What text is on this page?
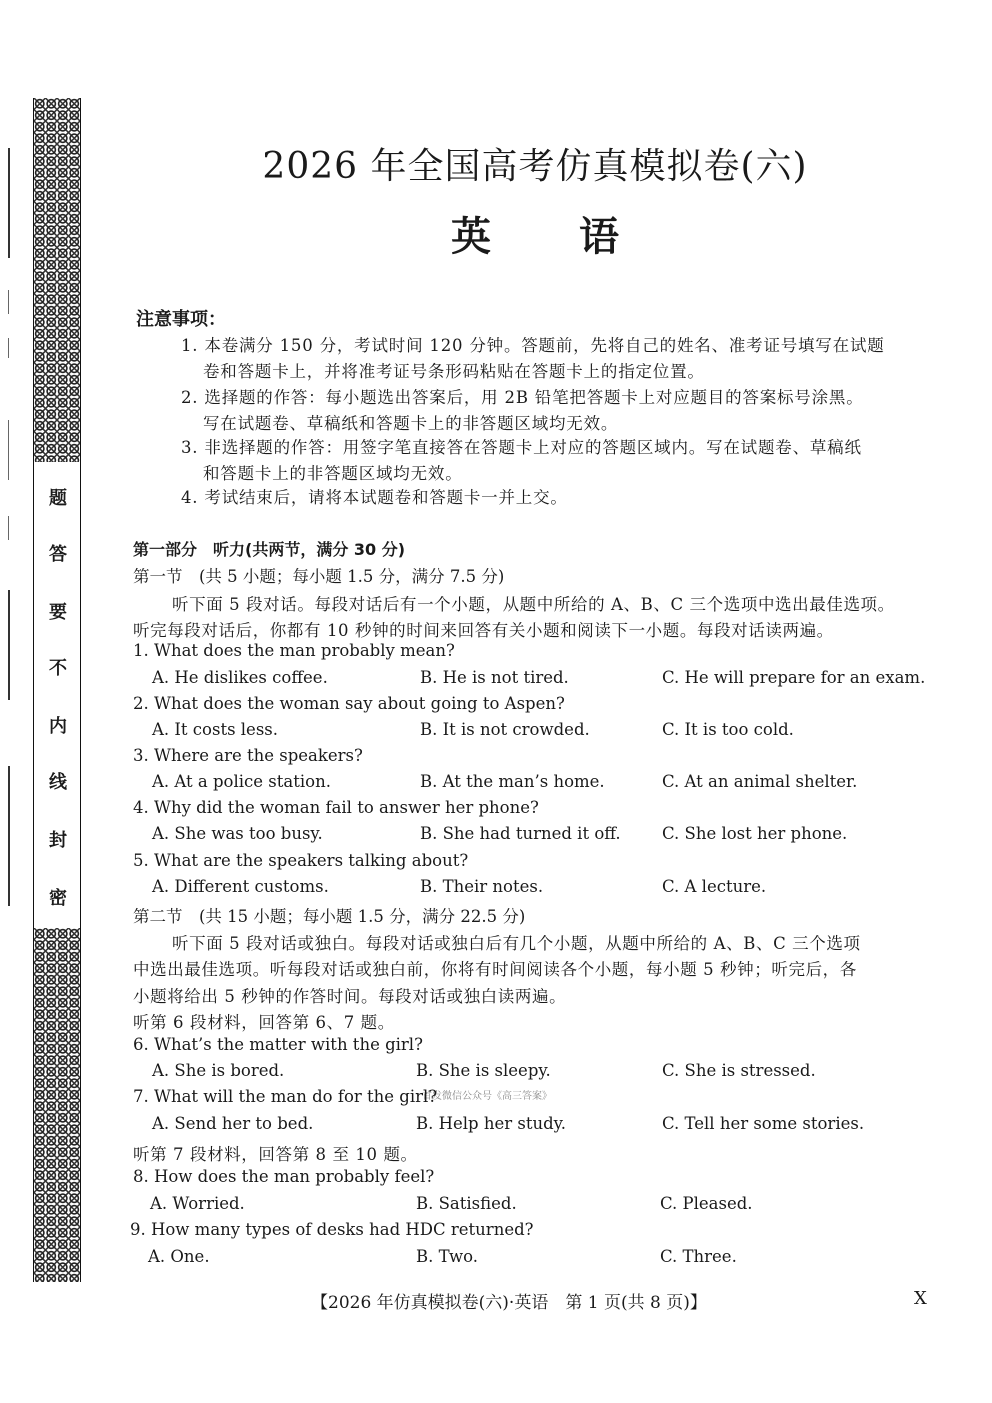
题
答
要
不
内
线
封
密
2026 年全国高考仿真模拟卷(六)
英 语
注意事项：
1. 本卷满分 150 分，考试时间 120 分钟。答题前，先将自己的姓名、准考证号填写在试题
卷和答题卡上，并将准考证号条形码粘贴在答题卡上的指定位置。
2. 选择题的作答：每小题选出答案后，用 2B 铅笔把答题卡上对应题目的答案标号涂黑。
写在试题卷、草稿纸和答题卡上的非答题区域均无效。
3. 非选择题的作答：用签字笔直接答在答题卡上对应的答题区域内。写在试题卷、草稿纸
和答题卡上的非答题区域均无效。
4. 考试结束后，请将本试题卷和答题卡一并上交。
第一部分　听力(共两节，满分 30 分)
第一节　(共 5 小题；每小题 1.5 分，满分 7.5 分)
听下面 5 段对话。每段对话后有一个小题，从题中所给的 A、B、C 三个选项中选出最佳选项。
听完每段对话后，你都有 10 秒钟的时间来回答有关小题和阅读下一小题。每段对话读两遍。
1. What does the man probably mean?
A. He dislikes coffee.	B. He is not tired.	C. He will prepare for an exam.
2. What does the woman say about going to Aspen?
A. It costs less.	B. It is not crowded.	C. It is too cold.
3. Where are the speakers?
A. At a police station.	B. At the man’s home.	C. At an animal shelter.
4. Why did the woman fail to answer her phone?
A. She was too busy.	B. She had turned it off.	C. She lost her phone.
5. What are the speakers talking about?
A. Different customs.	B. Their notes.	C. A lecture.
第二节　(共 15 小题；每小题 1.5 分，满分 22.5 分)
听下面 5 段对话或独白。每段对话或独白后有几个小题，从题中所给的 A、B、C 三个选项
中选出最佳选项。听每段对话或独白前，你将有时间阅读各个小题，每小题 5 秒钟；听完后，各
小题将给出 5 秒钟的作答时间。每段对话或独白读两遍。
听第 6 段材料，回答第 6、7 题。
6. What’s the matter with the girl?
A. She is bored.	B. She is sleepy.	C. She is stressed.
首发微信公众号《高三答案》
7. What will the man do for the girl?
A. Send her to bed.	B. Help her study.	C. Tell her some stories.
听第 7 段材料，回答第 8 至 10 题。
8. How does the man probably feel?
A. Worried.	B. Satisfied.	C. Pleased.
9. How many types of desks had HDC returned?
A. One.	B. Two.	C. Three.
【2026 年仿真模拟卷(六)·英语　第 1 页(共 8 页)】	X
